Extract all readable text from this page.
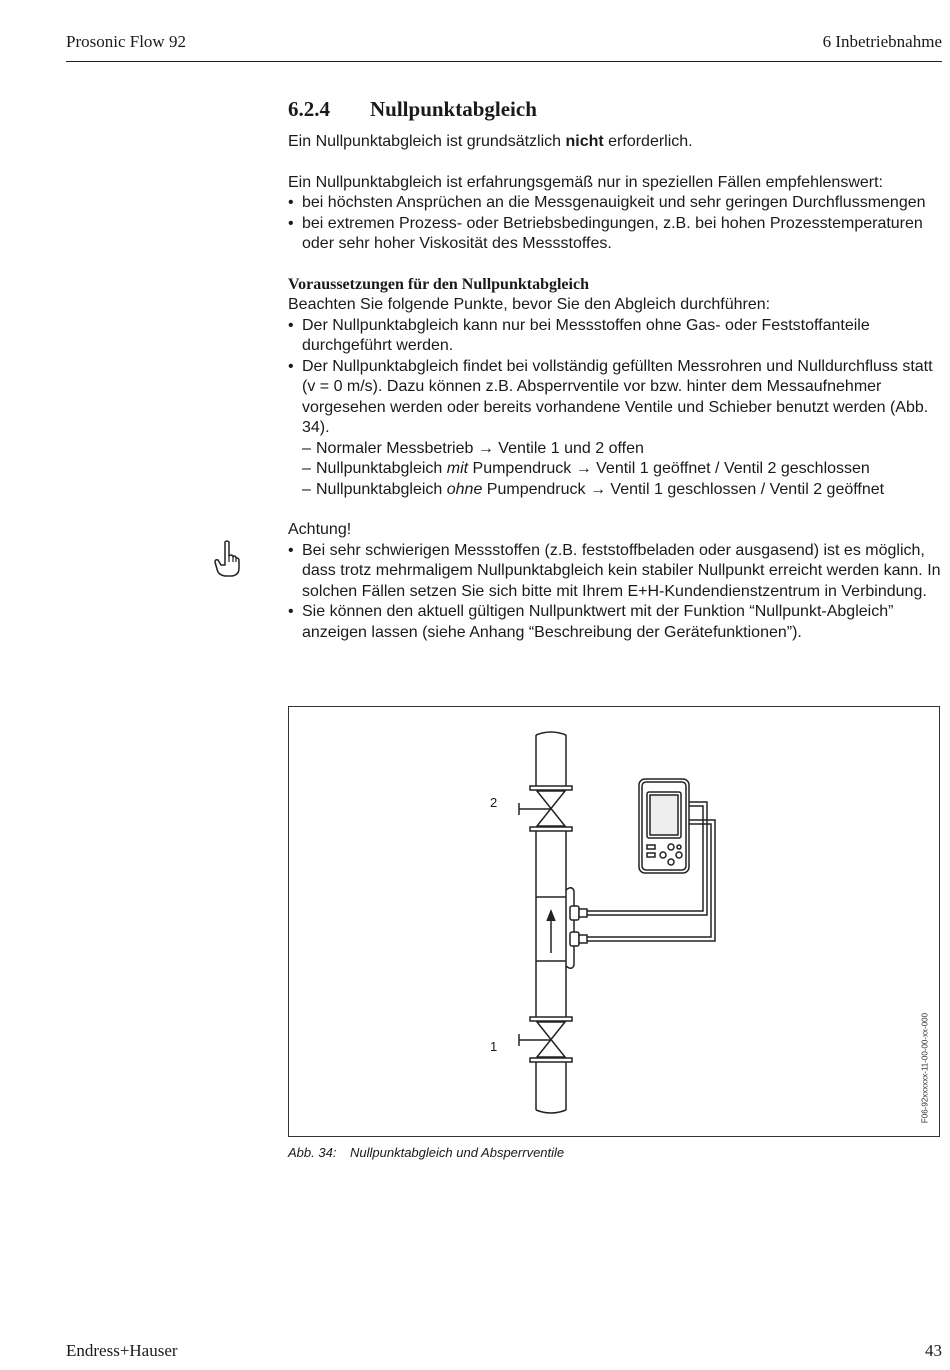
Prosonic Flow 92	6 Inbetriebnahme
6.2.4 Nullpunktabgleich

Ein Nullpunktabgleich ist grundsätzlich nicht erforderlich.

Ein Nullpunktabgleich ist erfahrungsgemäß nur in speziellen Fällen empfehlenswert:

• bei höchsten Ansprüchen an die Messgenauigkeit und sehr geringen Durchflussmengen
• bei extremen Prozess- oder Betriebsbedingungen, z.B. bei hohen Prozesstemperaturen oder sehr hoher Viskosität des Messstoffes.
Voraussetzungen für den Nullpunktabgleich

Beachten Sie folgende Punkte, bevor Sie den Abgleich durchführen:

• Der Nullpunktabgleich kann nur bei Messstoffen ohne Gas- oder Feststoffanteile durchgeführt werden.
• Der Nullpunktabgleich findet bei vollständig gefüllten Messrohren und Nulldurchfluss statt (v = 0 m/s). Dazu können z.B. Absperrventile vor bzw. hinter dem Messaufnehmer vorgesehen werden oder bereits vorhandene Ventile und Schieber benutzt werden (Abb. 34).
– Normaler Messbetrieb → Ventile 1 und 2 offen
– Nullpunktabgleich mit Pumpendruck → Ventil 1 geöffnet / Ventil 2 geschlossen
– Nullpunktabgleich ohne Pumpendruck → Ventil 1 geschlossen / Ventil 2 geöffnet

Achtung!

• Bei sehr schwierigen Messstoffen (z.B. feststoffbeladen oder ausgasend) ist es möglich, dass trotz mehrmaligem Nullpunktabgleich kein stabiler Nullpunkt erreicht werden kann. In solchen Fällen setzen Sie sich bitte mit Ihrem E+H-Kundendienstzentrum in Verbindung.
• Sie können den aktuell gültigen Nullpunktwert mit der Funktion “Nullpunkt-Abgleich” anzeigen lassen (siehe Anhang “Beschreibung der Gerätefunktionen”).
2
1	F06-92xxxxxx-11-00-00-xx-000
Abb. 34: Nullpunktabgleich und Absperrventile
Endress+Hauser	43
